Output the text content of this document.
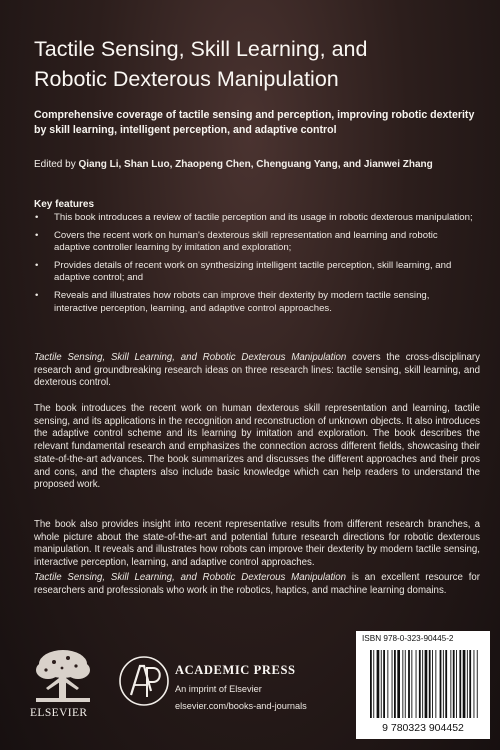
Tactile Sensing, Skill Learning, and
Robotic Dexterous Manipulation
Comprehensive coverage of tactile sensing and perception, improving robotic dexterity by skill learning, intelligent perception, and adaptive control
Edited by Qiang Li, Shan Luo, Zhaopeng Chen, Chenguang Yang, and Jianwei Zhang
Key features
• This book introduces a review of tactile perception and its usage in robotic dexterous manipulation;
• Covers the recent work on human's dexterous skill representation and learning and robotic adaptive controller learning by imitation and exploration;
• Provides details of recent work on synthesizing intelligent tactile perception, skill learning, and adaptive control; and
• Reveals and illustrates how robots can improve their dexterity by modern tactile sensing, interactive perception, learning, and adaptive control approaches.
Tactile Sensing, Skill Learning, and Robotic Dexterous Manipulation covers the cross-disciplinary research and groundbreaking research ideas on three research lines: tactile sensing, skill learning, and dexterous control.
The book introduces the recent work on human dexterous skill representation and learning, tactile sensing, and its applications in the recognition and reconstruction of unknown objects. It also introduces the adaptive control scheme and its learning by imitation and exploration. The book describes the relevant fundamental research and emphasizes the connection across different fields, showcasing their state-of-the-art advances. The book summarizes and discusses the different approaches and their pros and cons, and the chapters also include basic knowledge which can help readers to understand the proposed work.
The book also provides insight into recent representative results from different research branches, a whole picture about the state-of-the-art and potential future research directions for robotic dexterous manipulation. It reveals and illustrates how robots can improve their dexterity by modern tactile sensing, interactive perception, learning, and adaptive control approaches.
Tactile Sensing, Skill Learning, and Robotic Dexterous Manipulation is an excellent resource for researchers and professionals who work in the robotics, haptics, and machine learning domains.
ELSEVIER
ACADEMIC PRESS
An imprint of Elsevier
elsevier.com/books-and-journals
ISBN 978-0-323-90445-2
9 780323 904452
